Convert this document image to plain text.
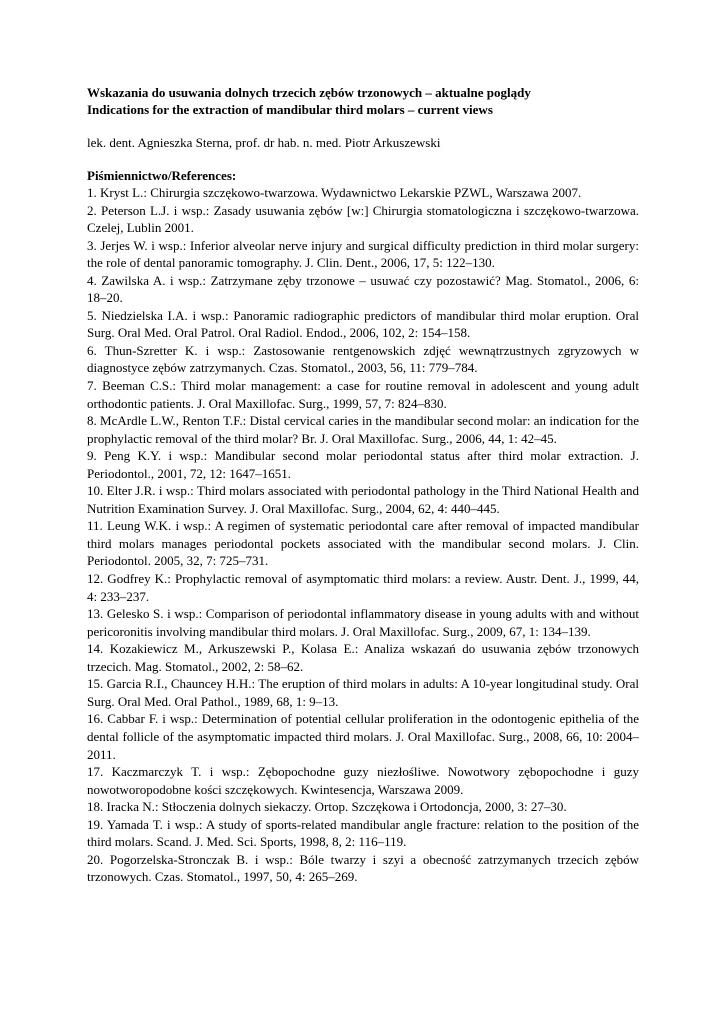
Wskazania do usuwania dolnych trzecich zębów trzonowych – aktualne poglądy

Indications for the extraction of mandibular third molars – current views

lek. dent. Agnieszka Sterna, prof. dr hab. n. med. Piotr Arkuszewski

Piśmiennictwo/References:

1. Kryst L.: Chirurgia szczękowo-twarzowa. Wydawnictwo Lekarskie PZWL, Warszawa 2007.
2. Peterson L.J. i wsp.: Zasady usuwania zębów [w:] Chirurgia stomatologiczna i szczękowo-twarzowa. Czelej, Lublin 2001.
3. Jerjes W. i wsp.: Inferior alveolar nerve injury and surgical difficulty prediction in third molar surgery: the role of dental panoramic tomography. J. Clin. Dent., 2006, 17, 5: 122–130.
4. Zawilska A. i wsp.: Zatrzymane zęby trzonowe – usuwać czy pozostawić? Mag. Stomatol., 2006, 6: 18–20.
5. Niedzielska I.A. i wsp.: Panoramic radiographic predictors of mandibular third molar eruption. Oral Surg. Oral Med. Oral Patrol. Oral Radiol. Endod., 2006, 102, 2: 154–158.
6. Thun-Szretter K. i wsp.: Zastosowanie rentgenowskich zdjęć wewnątrzustnych zgryzowych w diagnostyce zębów zatrzymanych. Czas. Stomatol., 2003, 56, 11: 779–784.
7. Beeman C.S.: Third molar management: a case for routine removal in adolescent and young adult orthodontic patients. J. Oral Maxillofac. Surg., 1999, 57, 7: 824–830.
8. McArdle L.W., Renton T.F.: Distal cervical caries in the mandibular second molar: an indication for the prophylactic removal of the third molar? Br. J. Oral Maxillofac. Surg., 2006, 44, 1: 42–45.
9. Peng K.Y. i wsp.: Mandibular second molar periodontal status after third molar extraction. J. Periodontol., 2001, 72, 12: 1647–1651.
10. Elter J.R. i wsp.: Third molars associated with periodontal pathology in the Third National Health and Nutrition Examination Survey. J. Oral Maxillofac. Surg., 2004, 62, 4: 440–445.
11. Leung W.K. i wsp.: A regimen of systematic periodontal care after removal of impacted mandibular third molars manages periodontal pockets associated with the mandibular second molars. J. Clin. Periodontol. 2005, 32, 7: 725–731.
12. Godfrey K.: Prophylactic removal of asymptomatic third molars: a review. Austr. Dent. J., 1999, 44, 4: 233–237.
13. Gelesko S. i wsp.: Comparison of periodontal inflammatory disease in young adults with and without pericoronitis involving mandibular third molars. J. Oral Maxillofac. Surg., 2009, 67, 1: 134–139.
14. Kozakiewicz M., Arkuszewski P., Kolasa E.: Analiza wskazań do usuwania zębów trzonowych trzecich. Mag. Stomatol., 2002, 2: 58–62.
15. Garcia R.I., Chauncey H.H.: The eruption of third molars in adults: A 10-year longitudinal study. Oral Surg. Oral Med. Oral Pathol., 1989, 68, 1: 9–13.
16. Cabbar F. i wsp.: Determination of potential cellular proliferation in the odontogenic epithelia of the dental follicle of the asymptomatic impacted third molars. J. Oral Maxillofac. Surg., 2008, 66, 10: 2004–2011.
17. Kaczmarczyk T. i wsp.: Zębopochodne guzy niezłośliwe. Nowotwory zębopochodne i guzy nowotworopodobne kości szczękowych. Kwintesencja, Warszawa 2009.
18. Iracka N.: Stłoczenia dolnych siekaczy. Ortop. Szczękowa i Ortodoncja, 2000, 3: 27–30.
19. Yamada T. i wsp.: A study of sports-related mandibular angle fracture: relation to the position of the third molars. Scand. J. Med. Sci. Sports, 1998, 8, 2: 116–119.
20. Pogorzelska-Stronczak B. i wsp.: Bóle twarzy i szyi a obecność zatrzymanych trzecich zębów trzonowych. Czas. Stomatol., 1997, 50, 4: 265–269.
